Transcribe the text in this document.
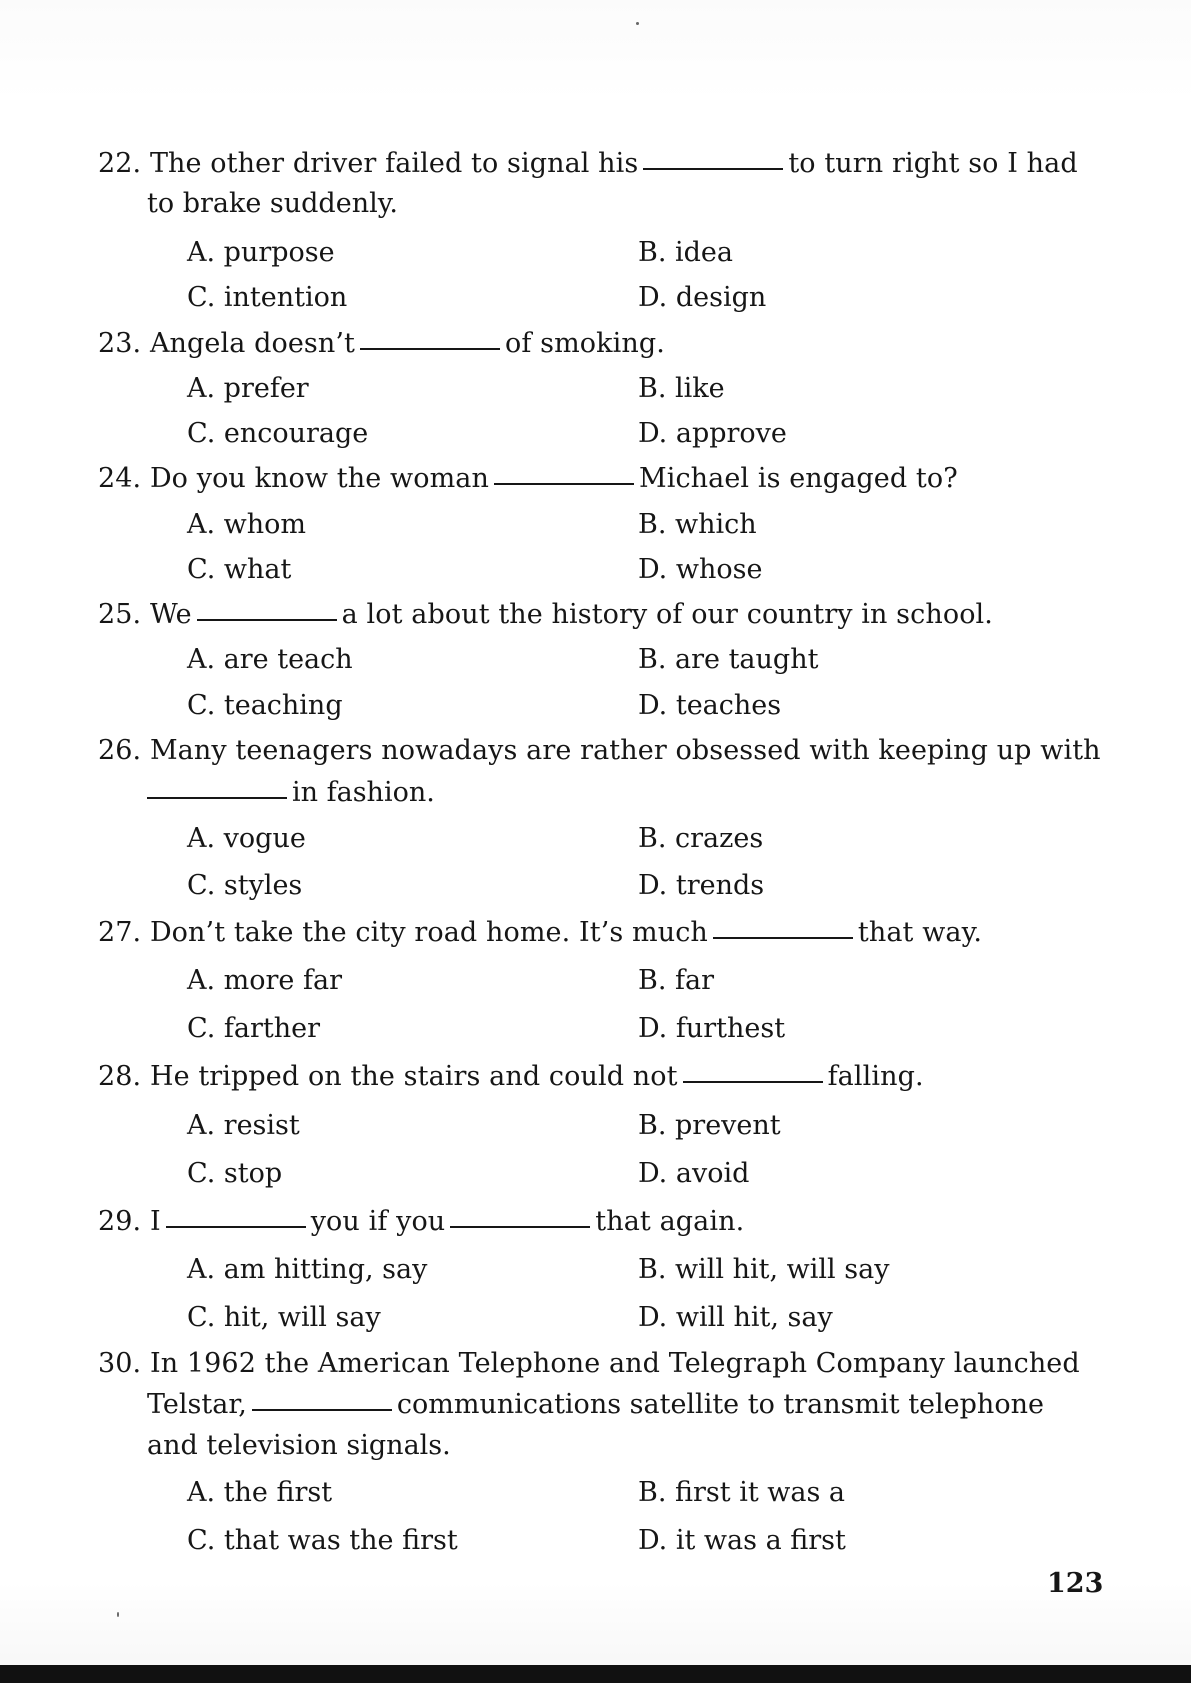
22. The other driver failed to signal his	to turn right so I had
to brake suddenly.
A. purpose	B. idea
C. intention	D. design
23. Angela doesn’t	of smoking.
A. prefer	B. like
C. encourage	D. approve
24. Do you know the woman	Michael is engaged to?
A. whom	B. which
C. what	D. whose
25. We	a lot about the history of our country in school.
A. are teach	B. are taught
C. teaching	D. teaches
26. Many teenagers nowadays are rather obsessed with keeping up with
in fashion.
A. vogue	B. crazes
C. styles	D. trends
27. Don’t take the city road home. It’s much	that way.
A. more far	B. far
C. farther	D. furthest
28. He tripped on the stairs and could not	falling.
A. resist	B. prevent
C. stop	D. avoid
29. I	you if you	that again.
A. am hitting, say	B. will hit, will say
C. hit, will say	D. will hit, say
30. In 1962 the American Telephone and Telegraph Company launched
Telstar,	communications satellite to transmit telephone
and television signals.
A. the first	B. first it was a
C. that was the first	D. it was a first
123
